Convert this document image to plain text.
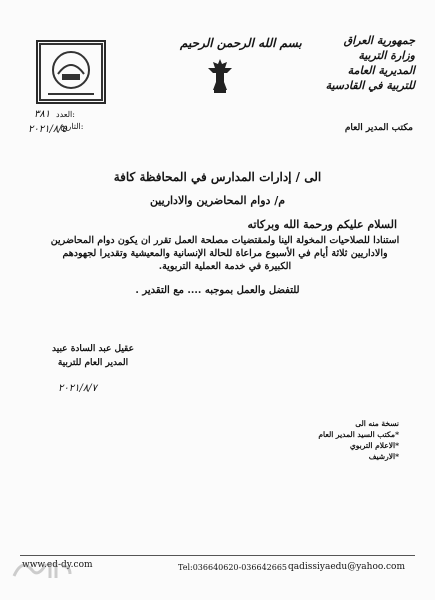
جمهورية العراق
وزارة التربية
المديرية العامة
للتربية في القادسية
بسم الله الرحمن الرحيم
مكتب المدير العام
العدد:
٣٨١
التاريخ:
٢٠٢١/٨/٥
الى / إدارات المدارس في المحافظة كافة
م/ دوام المحاضرين والاداريين
السلام عليكم ورحمة الله وبركاته
استنادا للصلاحيات المخولة الينا ولمقتضيات مصلحة العمل تقرر ان يكون دوام المحاضرين والاداريين ثلاثة أيام في الأسبوع مراعاة للحالة الإنسانية والمعيشية وتقديرا لجهودهم الكبيرة في خدمة العملية التربوية.
للتفضل والعمل بموجبه .... مع التقدير .
عقيل عبد السادة عبيد
المدير العام للتربية
٢٠٢١/٨/٧
نسخة منه الى
*مكتب السيد المدير العام
*الاعلام التربوي
*الارشيف
www.ed-dy.com	Tel:036640620-036642665 qadissiyaedu@yahoo.com
